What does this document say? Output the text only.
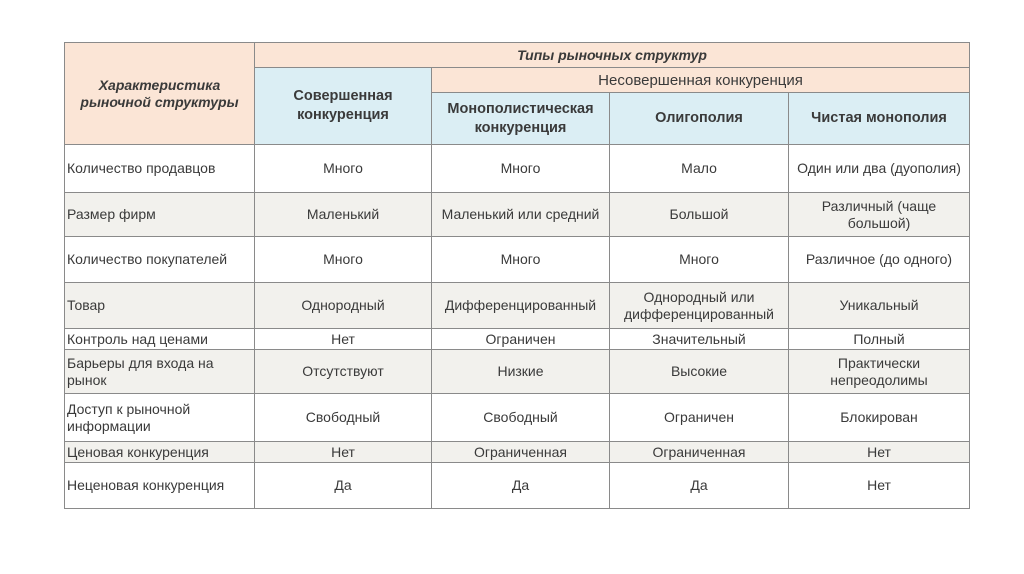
Характеристика рыночной структуры	Типы рыночных структур			
	Совершенная конкуренция	Несовершенная конкуренция		
		Монополистическая конкуренция	Олигополия	Чистая монополия
Количество продавцов	Много	Много	Мало	Один или два (дуополия)
Размер фирм	Маленький	Маленький или средний	Большой	Различный (чаще большой)
Количество покупателей	Много	Много	Много	Различное (до одного)
Товар	Однородный	Дифференцированный	Однородный или дифференцированный	Уникальный
Контроль над ценами	Нет	Ограничен	Значительный	Полный
Барьеры для входа на рынок	Отсутствуют	Низкие	Высокие	Практически непреодолимы
Доступ к рыночной информации	Свободный	Свободный	Ограничен	Блокирован
Ценовая конкуренция	Нет	Ограниченная	Ограниченная	Нет
Неценовая конкуренция	Да	Да	Да	Нет
